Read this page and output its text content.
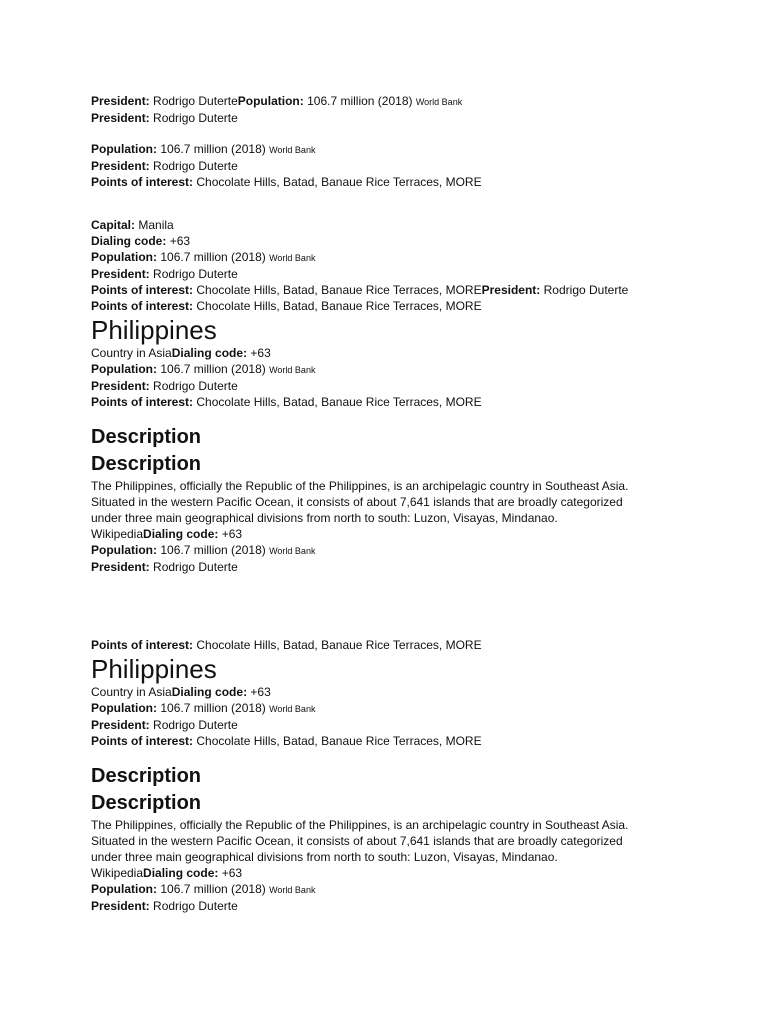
President: Rodrigo DutertePopulation: 106.7 million (2018) World Bank
President: Rodrigo Duterte
Population: 106.7 million (2018) World Bank
President: Rodrigo Duterte
Points of interest: Chocolate Hills, Batad, Banaue Rice Terraces, MORE
Capital: Manila
Dialing code: +63
Population: 106.7 million (2018) World Bank
President: Rodrigo Duterte
Points of interest: Chocolate Hills, Batad, Banaue Rice Terraces, MOREPresident: Rodrigo Duterte
Points of interest: Chocolate Hills, Batad, Banaue Rice Terraces, MORE
Philippines
Country in AsiaDialing code: +63
Population: 106.7 million (2018) World Bank
President: Rodrigo Duterte
Points of interest: Chocolate Hills, Batad, Banaue Rice Terraces, MORE
Description
Description
The Philippines, officially the Republic of the Philippines, is an archipelagic country in Southeast Asia. Situated in the western Pacific Ocean, it consists of about 7,641 islands that are broadly categorized under three main geographical divisions from north to south: Luzon, Visayas, Mindanao. WikipediaDialing code: +63
Population: 106.7 million (2018) World Bank
President: Rodrigo Duterte
Points of interest: Chocolate Hills, Batad, Banaue Rice Terraces, MORE
Philippines
Country in AsiaDialing code: +63
Population: 106.7 million (2018) World Bank
President: Rodrigo Duterte
Points of interest: Chocolate Hills, Batad, Banaue Rice Terraces, MORE
Description
Description
The Philippines, officially the Republic of the Philippines, is an archipelagic country in Southeast Asia. Situated in the western Pacific Ocean, it consists of about 7,641 islands that are broadly categorized under three main geographical divisions from north to south: Luzon, Visayas, Mindanao. WikipediaDialing code: +63
Population: 106.7 million (2018) World Bank
President: Rodrigo Duterte
